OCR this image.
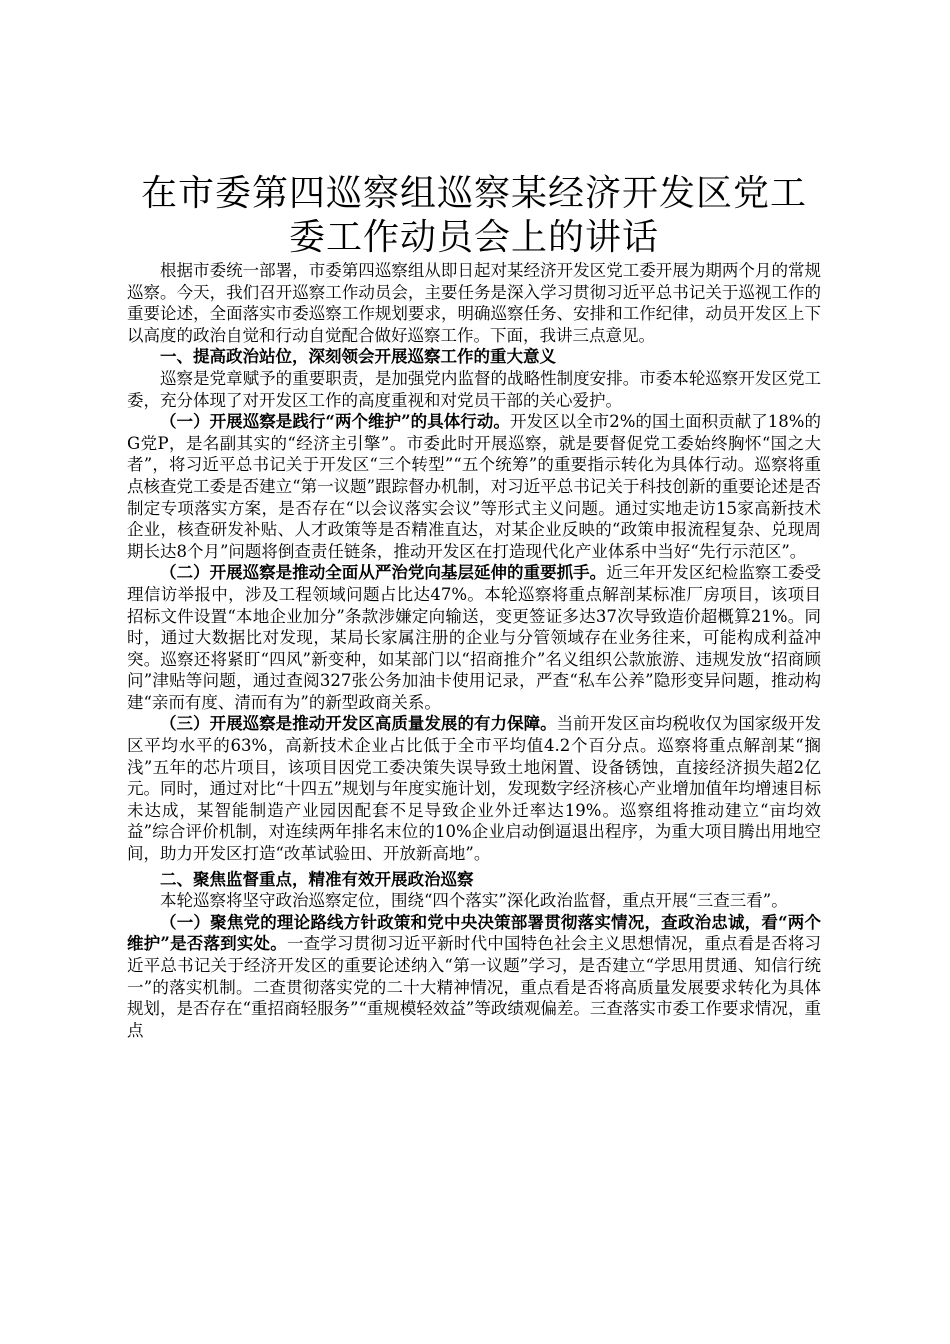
在市委第四巡察组巡察某经济开发区党工委工作动员会上的讲话

根据市委统一部署，市委第四巡察组从即日起对某经济开发区党工委开展为期两个月的常规巡察。今天，我们召开巡察工作动员会，主要任务是深入学习贯彻习近平总书记关于巡视工作的重要论述，全面落实市委巡察工作规划要求，明确巡察任务、安排和工作纪律，动员开发区上下以高度的政治自觉和行动自觉配合做好巡察工作。下面，我讲三点意见。

一、提高政治站位，深刻领会开展巡察工作的重大意义

巡察是党章赋予的重要职责，是加强党内监督的战略性制度安排。市委本轮巡察开发区党工委，充分体现了对开发区工作的高度重视和对党员干部的关心爱护。

（一）开展巡察是践行“两个维护”的具体行动。开发区以全市2%的国土面积贡献了18%的G党P，是名副其实的“经济主引擎”。市委此时开展巡察，就是要督促党工委始终胸怀“国之大者”，将习近平总书记关于开发区“三个转型”“五个统筹”的重要指示转化为具体行动。巡察将重点核查党工委是否建立“第一议题”跟踪督办机制，对习近平总书记关于科技创新的重要论述是否制定专项落实方案，是否存在“以会议落实会议”等形式主义问题。通过实地走访15家高新技术企业，核查研发补贴、人才政策等是否精准直达，对某企业反映的“政策申报流程复杂、兑现周期长达8个月”问题将倒查责任链条，推动开发区在打造现代化产业体系中当好“先行示范区”。

（二）开展巡察是推动全面从严治党向基层延伸的重要抓手。近三年开发区纪检监察工委受理信访举报中，涉及工程领域问题占比达47%。本轮巡察将重点解剖某标准厂房项目，该项目招标文件设置“本地企业加分”条款涉嫌定向输送，变更签证多达37次导致造价超概算21%。同时，通过大数据比对发现，某局长家属注册的企业与分管领域存在业务往来，可能构成利益冲突。巡察还将紧盯“四风”新变种，如某部门以“招商推介”名义组织公款旅游、违规发放“招商顾问”津贴等问题，通过查阅327张公务加油卡使用记录，严查“私车公养”隐形变异问题，推动构建“亲而有度、清而有为”的新型政商关系。

（三）开展巡察是推动开发区高质量发展的有力保障。当前开发区亩均税收仅为国家级开发区平均水平的63%，高新技术企业占比低于全市平均值4.2个百分点。巡察将重点解剖某“搁浅”五年的芯片项目，该项目因党工委决策失误导致土地闲置、设备锈蚀，直接经济损失超2亿元。同时，通过对比“十四五”规划与年度实施计划，发现数字经济核心产业增加值年均增速目标未达成，某智能制造产业园因配套不足导致企业外迁率达19%。巡察组将推动建立“亩均效益”综合评价机制，对连续两年排名末位的10%企业启动倒逼退出程序，为重大项目腾出用地空间，助力开发区打造“改革试验田、开放新高地”。

二、聚焦监督重点，精准有效开展政治巡察

本轮巡察将坚守政治巡察定位，围绕“四个落实”深化政治监督，重点开展“三查三看”。

（一）聚焦党的理论路线方针政策和党中央决策部署贯彻落实情况，查政治忠诚，看“两个维护”是否落到实处。一查学习贯彻习近平新时代中国特色社会主义思想情况，重点看是否将习近平总书记关于经济开发区的重要论述纳入“第一议题”学习，是否建立“学思用贯通、知信行统一”的落实机制。二查贯彻落实党的二十大精神情况，重点看是否将高质量发展要求转化为具体规划，是否存在“重招商轻服务”“重规模轻效益”等政绩观偏差。三查落实市委工作要求情况，重点
